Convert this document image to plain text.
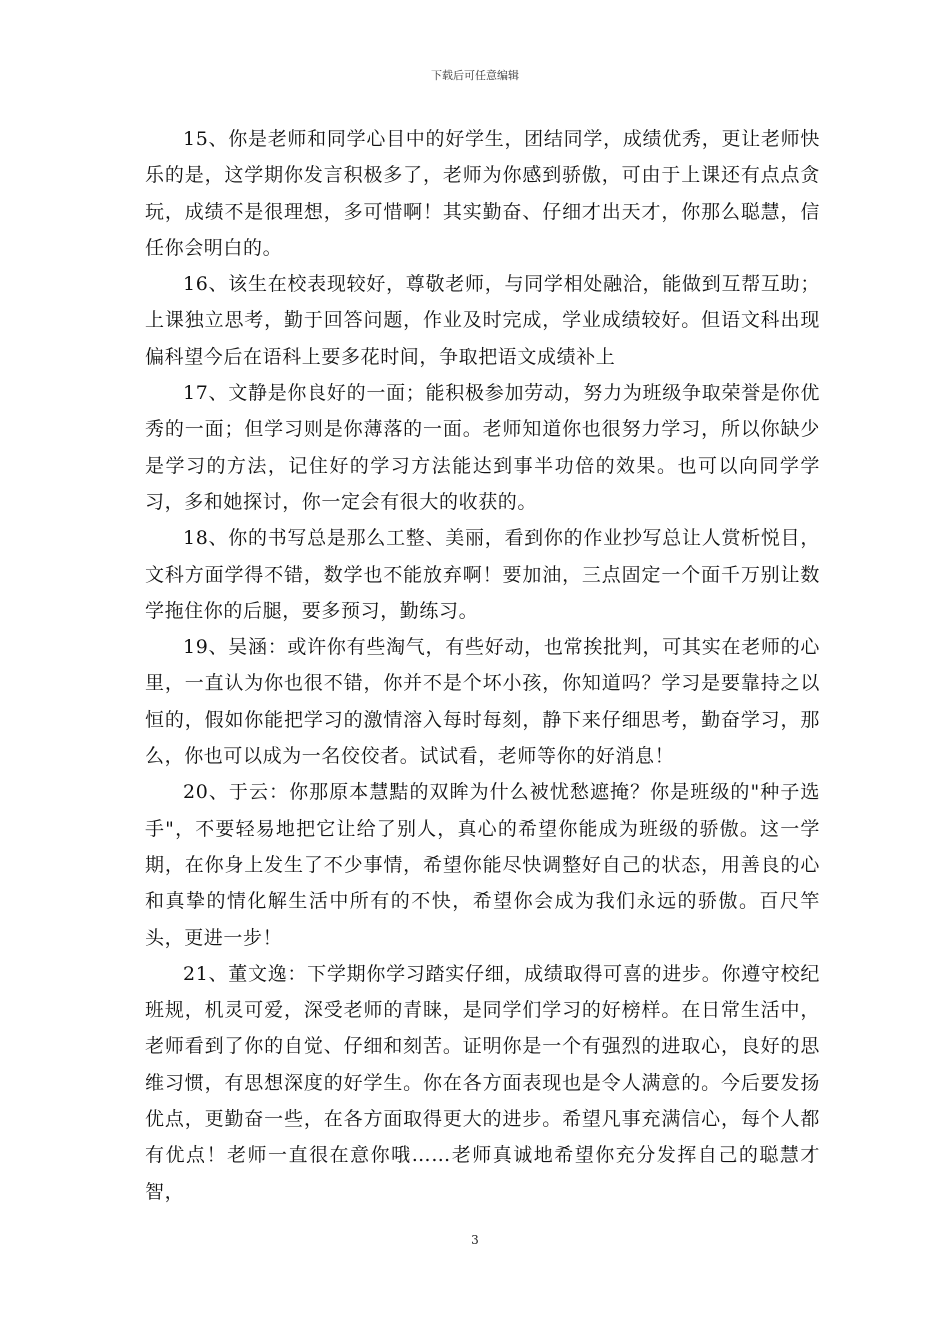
下载后可任意编辑

15、你是老师和同学心目中的好学生，团结同学，成绩优秀，更让老师快乐的是，这学期你发言积极多了，老师为你感到骄傲，可由于上课还有点点贪玩，成绩不是很理想，多可惜啊！其实勤奋、仔细才出天才，你那么聪慧，信任你会明白的。

16、该生在校表现较好，尊敬老师，与同学相处融洽，能做到互帮互助；上课独立思考，勤于回答问题，作业及时完成，学业成绩较好。但语文科出现偏科望今后在语科上要多花时间，争取把语文成绩补上

17、文静是你良好的一面；能积极参加劳动，努力为班级争取荣誉是你优秀的一面；但学习则是你薄落的一面。老师知道你也很努力学习，所以你缺少是学习的方法，记住好的学习方法能达到事半功倍的效果。也可以向同学学习，多和她探讨，你一定会有很大的收获的。

18、你的书写总是那么工整、美丽，看到你的作业抄写总让人赏析悦目，文科方面学得不错，数学也不能放弃啊！要加油，三点固定一个面千万别让数学拖住你的后腿，要多预习，勤练习。

19、吴涵：或许你有些淘气，有些好动，也常挨批判，可其实在老师的心里，一直认为你也很不错，你并不是个坏小孩，你知道吗？学习是要靠持之以恒的，假如你能把学习的激情溶入每时每刻，静下来仔细思考，勤奋学习，那么，你也可以成为一名佼佼者。试试看，老师等你的好消息！

20、于云：你那原本慧黠的双眸为什么被忧愁遮掩？你是班级的"种子选手"，不要轻易地把它让给了别人，真心的希望你能成为班级的骄傲。这一学期，在你身上发生了不少事情，希望你能尽快调整好自己的状态，用善良的心和真挚的情化解生活中所有的不快，希望你会成为我们永远的骄傲。百尺竿头，更进一步！

21、董文逸：下学期你学习踏实仔细，成绩取得可喜的进步。你遵守校纪班规，机灵可爱，深受老师的青睐，是同学们学习的好榜样。在日常生活中，老师看到了你的自觉、仔细和刻苦。证明你是一个有强烈的进取心，良好的思维习惯，有思想深度的好学生。你在各方面表现也是令人满意的。今后要发扬优点，更勤奋一些，在各方面取得更大的进步。希望凡事充满信心，每个人都有优点！老师一直很在意你哦……老师真诚地希望你充分发挥自己的聪慧才智，

3
